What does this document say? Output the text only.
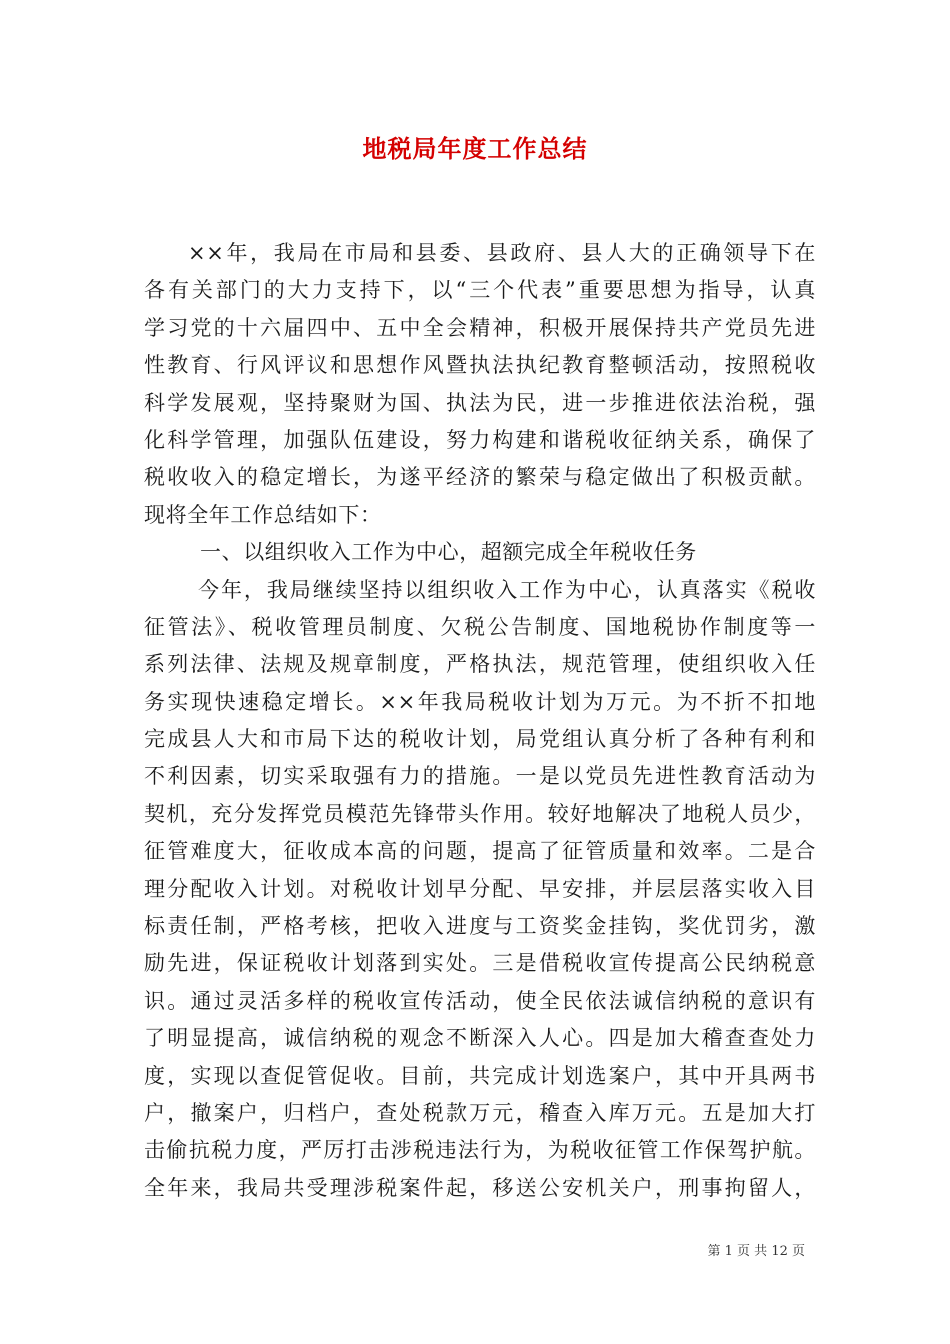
地税局年度工作总结
××年，我局在市局和县委、县政府、县人大的正确领导下在
各有关部门的大力支持下，以“三个代表”重要思想为指导，认真
学习党的十六届四中、五中全会精神，积极开展保持共产党员先进
性教育、行风评议和思想作风暨执法执纪教育整顿活动，按照税收
科学发展观，坚持聚财为国、执法为民，进一步推进依法治税，强
化科学管理，加强队伍建设，努力构建和谐税收征纳关系，确保了
税收收入的稳定增长，为遂平经济的繁荣与稳定做出了积极贡献。
现将全年工作总结如下：
一、以组织收入工作为中心，超额完成全年税收任务
今年，我局继续坚持以组织收入工作为中心，认真落实《税收
征管法》、税收管理员制度、欠税公告制度、国地税协作制度等一
系列法律、法规及规章制度，严格执法，规范管理，使组织收入任
务实现快速稳定增长。××年我局税收计划为万元。为不折不扣地
完成县人大和市局下达的税收计划，局党组认真分析了各种有利和
不利因素，切实采取强有力的措施。一是以党员先进性教育活动为
契机，充分发挥党员模范先锋带头作用。较好地解决了地税人员少，
征管难度大，征收成本高的问题，提高了征管质量和效率。二是合
理分配收入计划。对税收计划早分配、早安排，并层层落实收入目
标责任制，严格考核，把收入进度与工资奖金挂钩，奖优罚劣，激
励先进，保证税收计划落到实处。三是借税收宣传提高公民纳税意
识。通过灵活多样的税收宣传活动，使全民依法诚信纳税的意识有
了明显提高，诚信纳税的观念不断深入人心。四是加大稽查查处力
度，实现以查促管促收。目前，共完成计划选案户，其中开具两书
户，撤案户，归档户，查处税款万元，稽查入库万元。五是加大打
击偷抗税力度，严厉打击涉税违法行为，为税收征管工作保驾护航。
全年来，我局共受理涉税案件起，移送公安机关户，刑事拘留人，
第 1 页 共 12 页
